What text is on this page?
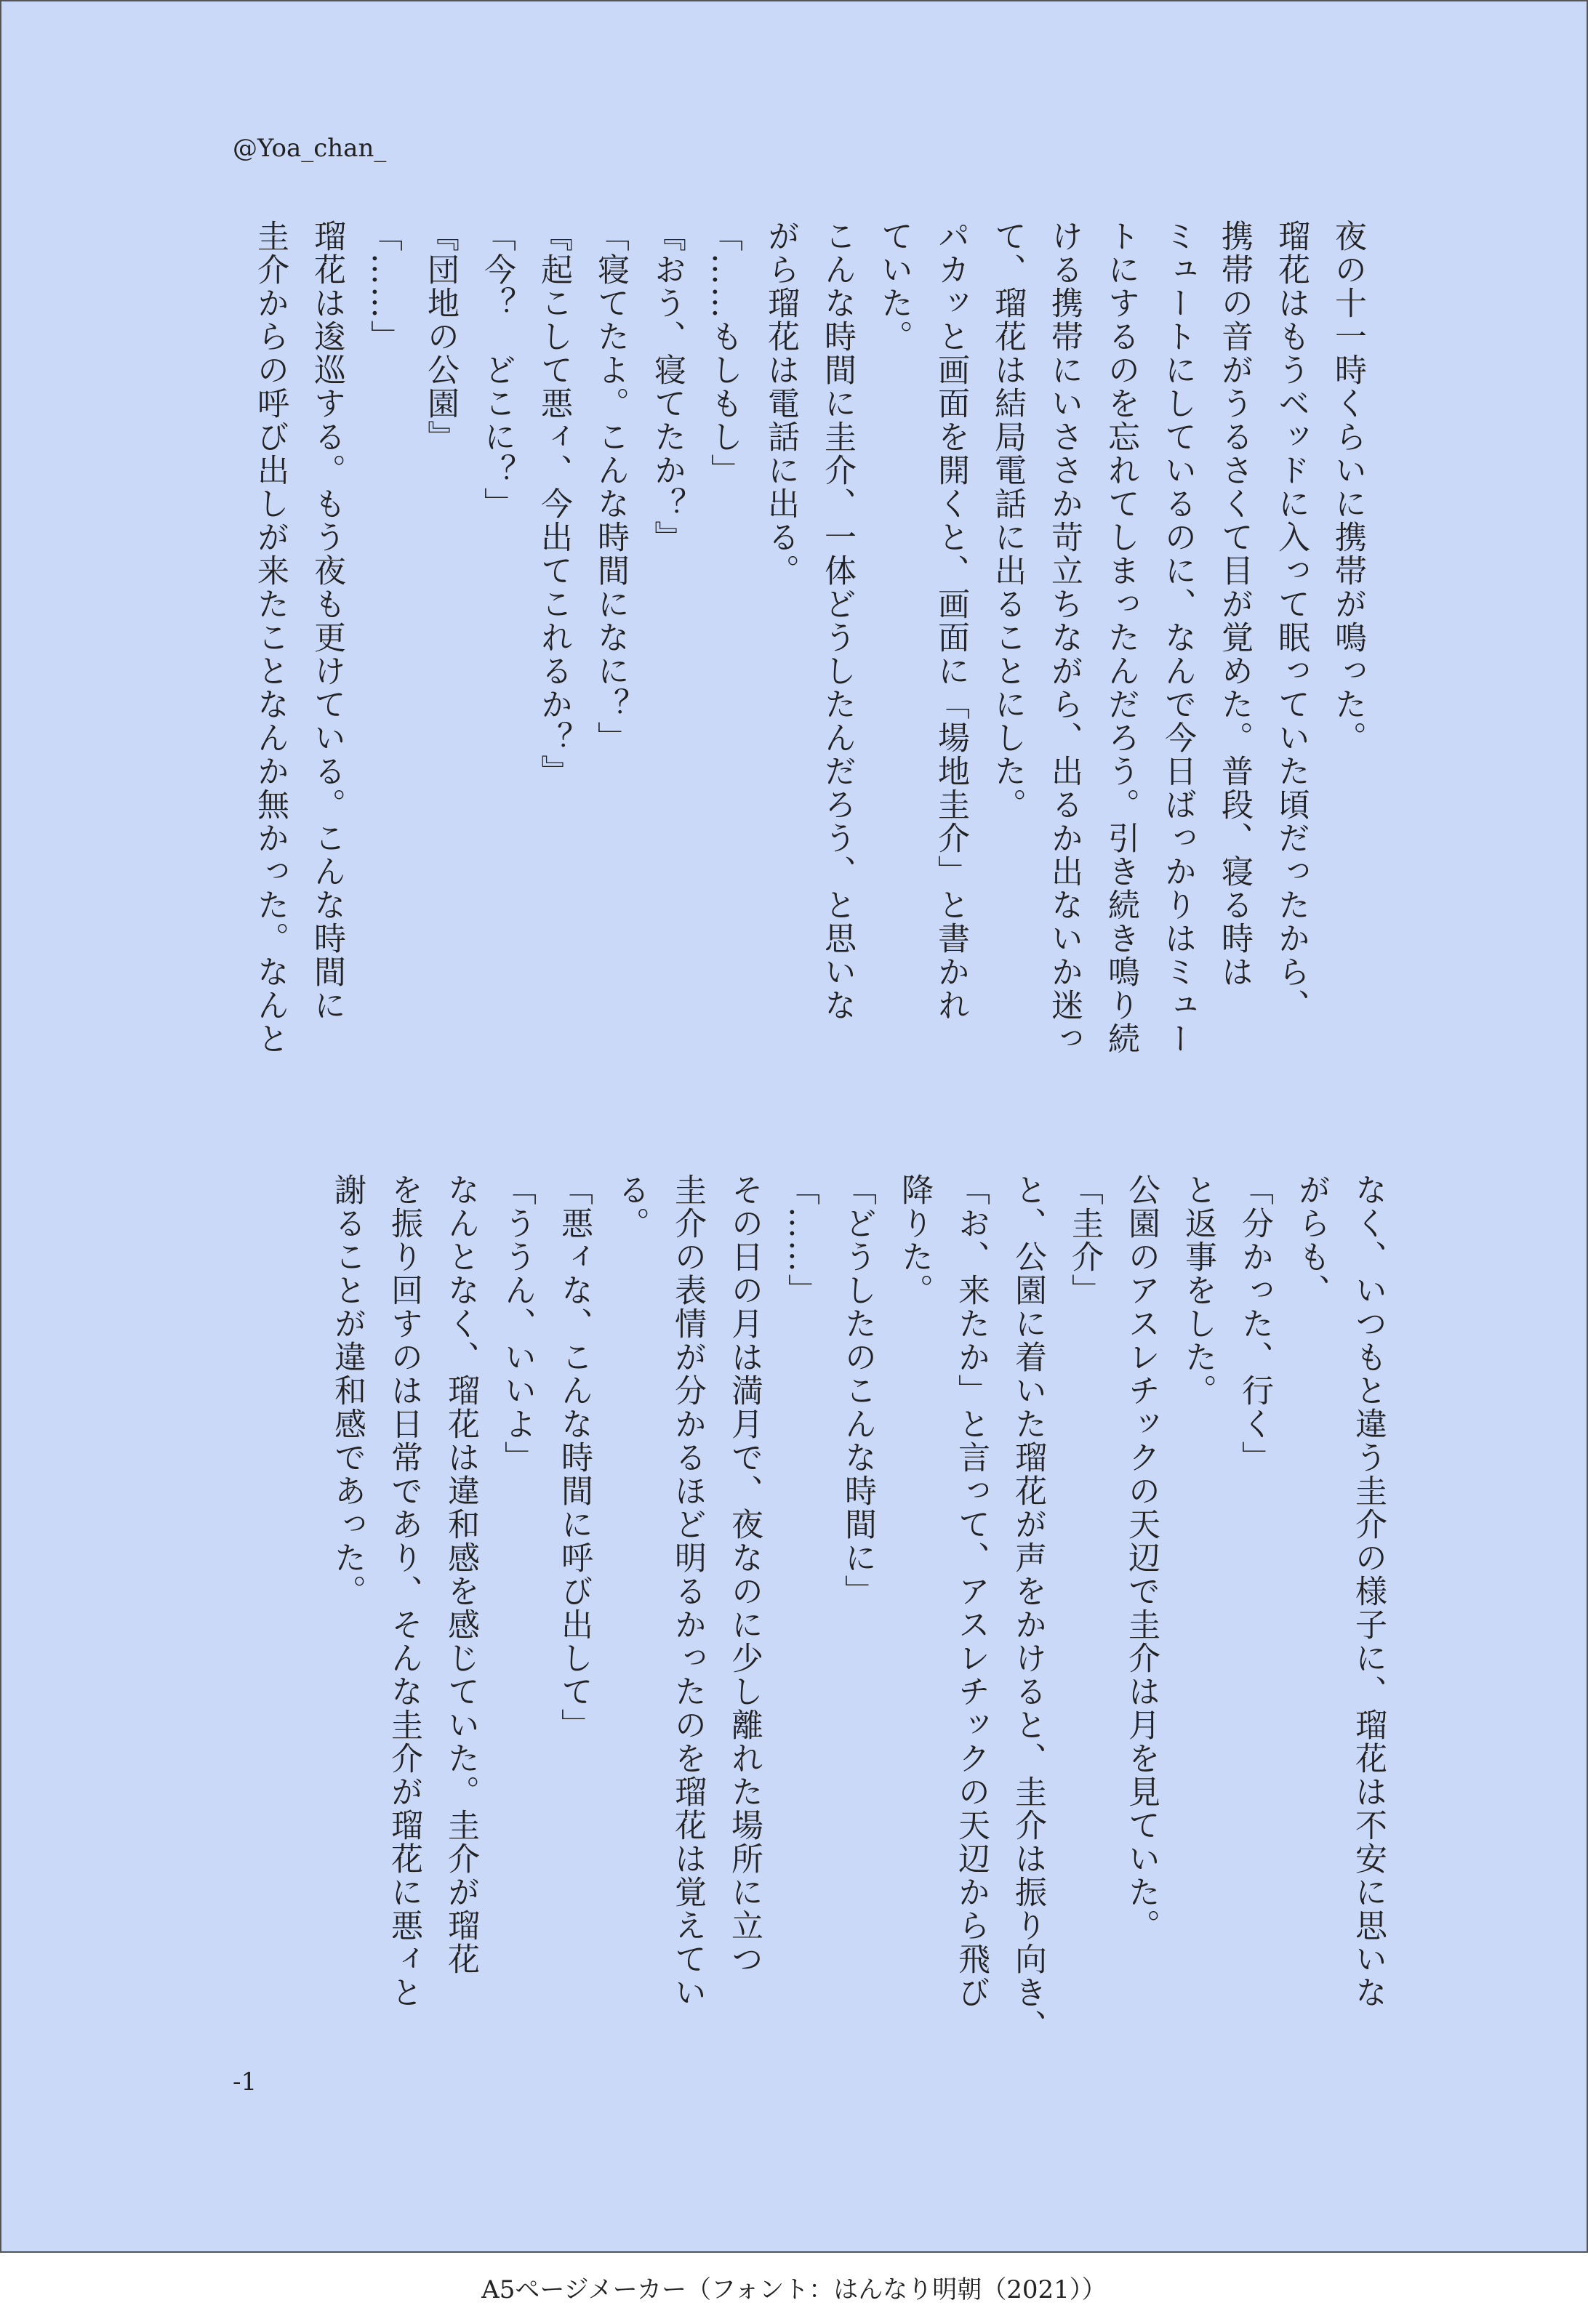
@Yoa_chan_

夜の十一時くらいに携帯が鳴った。

瑠花はもうベッドに入って眠っていた頃だったから、

携帯の音がうるさくて目が覚めた。普段、寝る時は

ミュートにしているのに、なんで今日ばっかりはミュー

トにするのを忘れてしまったんだろう。引き続き鳴り続

ける携帯にいささか苛立ちながら、出るか出ないか迷っ

て、瑠花は結局電話に出ることにした。

パカッと画面を開くと、画面に「場地圭介」と書かれ

ていた。

こんな時間に圭介、一体どうしたんだろう、と思いな

がら瑠花は電話に出る。

「……もしもし」

『おう、寝てたか？』

「寝てたよ。こんな時間になに？」

『起こして悪ィ、今出てこれるか？』

「今？　どこに？」

『団地の公園』

「……」

瑠花は逡巡する。もう夜も更けている。こんな時間に

圭介からの呼び出しが来たことなんか無かった。なんと

なく、いつもと違う圭介の様子に、瑠花は不安に思いな

がらも、

「分かった、行く」

と返事をした。

公園のアスレチックの天辺で圭介は月を見ていた。

「圭介」

と、公園に着いた瑠花が声をかけると、圭介は振り向き、

「お、来たか」と言って、アスレチックの天辺から飛び

降りた。

「どうしたのこんな時間に」

「……」

その日の月は満月で、夜なのに少し離れた場所に立つ

圭介の表情が分かるほど明るかったのを瑠花は覚えてい

る。

「悪ィな、こんな時間に呼び出して」

「ううん、いいよ」

なんとなく、瑠花は違和感を感じていた。圭介が瑠花

を振り回すのは日常であり、そんな圭介が瑠花に悪ィと

謝ることが違和感であった。

-1
A5ページメーカー（フォント：はんなり明朝（2021））
